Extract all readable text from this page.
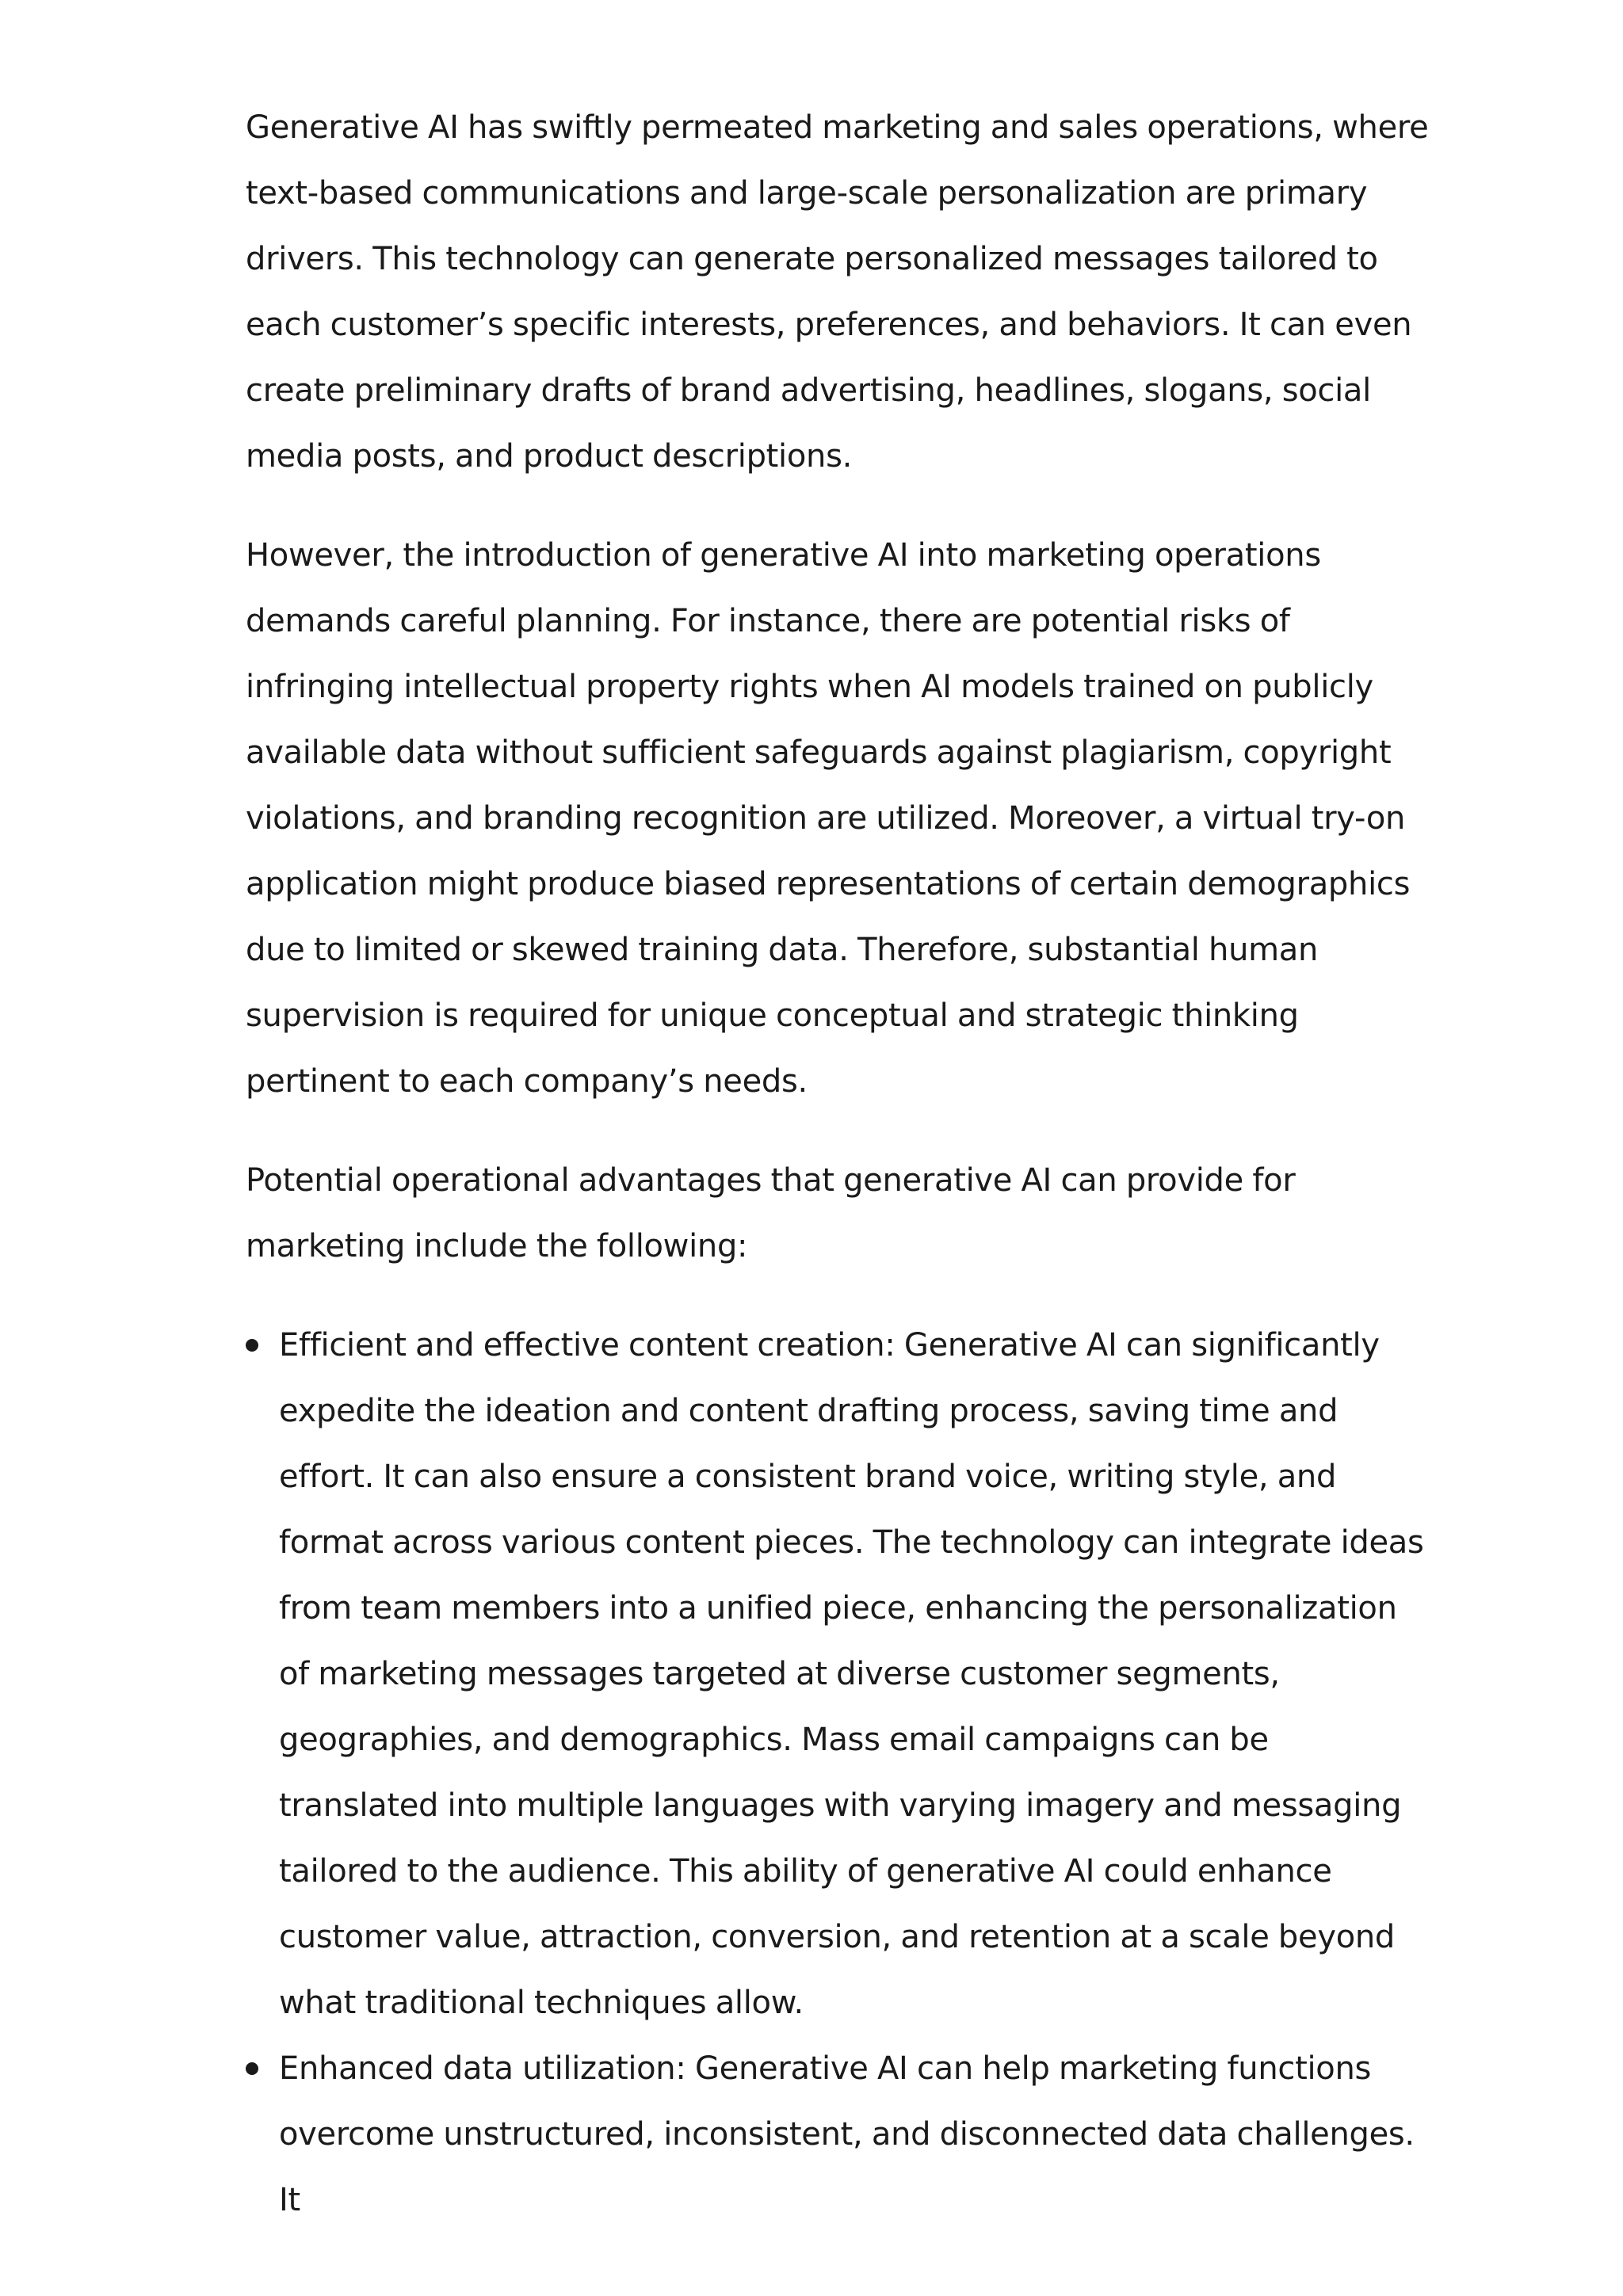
Generative AI has swiftly permeated marketing and sales operations, where text-based communications and large-scale personalization are primary drivers. This technology can generate personalized messages tailored to each customer’s specific interests, preferences, and behaviors. It can even create preliminary drafts of brand advertising, headlines, slogans, social media posts, and product descriptions.

However, the introduction of generative AI into marketing operations demands careful planning. For instance, there are potential risks of infringing intellectual property rights when AI models trained on publicly available data without sufficient safeguards against plagiarism, copyright violations, and branding recognition are utilized. Moreover, a virtual try-on application might produce biased representations of certain demographics due to limited or skewed training data. Therefore, substantial human supervision is required for unique conceptual and strategic thinking pertinent to each company’s needs.

Potential operational advantages that generative AI can provide for marketing include the following:

Efficient and effective content creation: Generative AI can significantly expedite the ideation and content drafting process, saving time and effort. It can also ensure a consistent brand voice, writing style, and format across various content pieces. The technology can integrate ideas from team members into a unified piece, enhancing the personalization of marketing messages targeted at diverse customer segments, geographies, and demographics. Mass email campaigns can be translated into multiple languages with varying imagery and messaging tailored to the audience. This ability of generative AI could enhance customer value, attraction, conversion, and retention at a scale beyond what traditional techniques allow.
Enhanced data utilization: Generative AI can help marketing functions overcome unstructured, inconsistent, and disconnected data challenges. It
